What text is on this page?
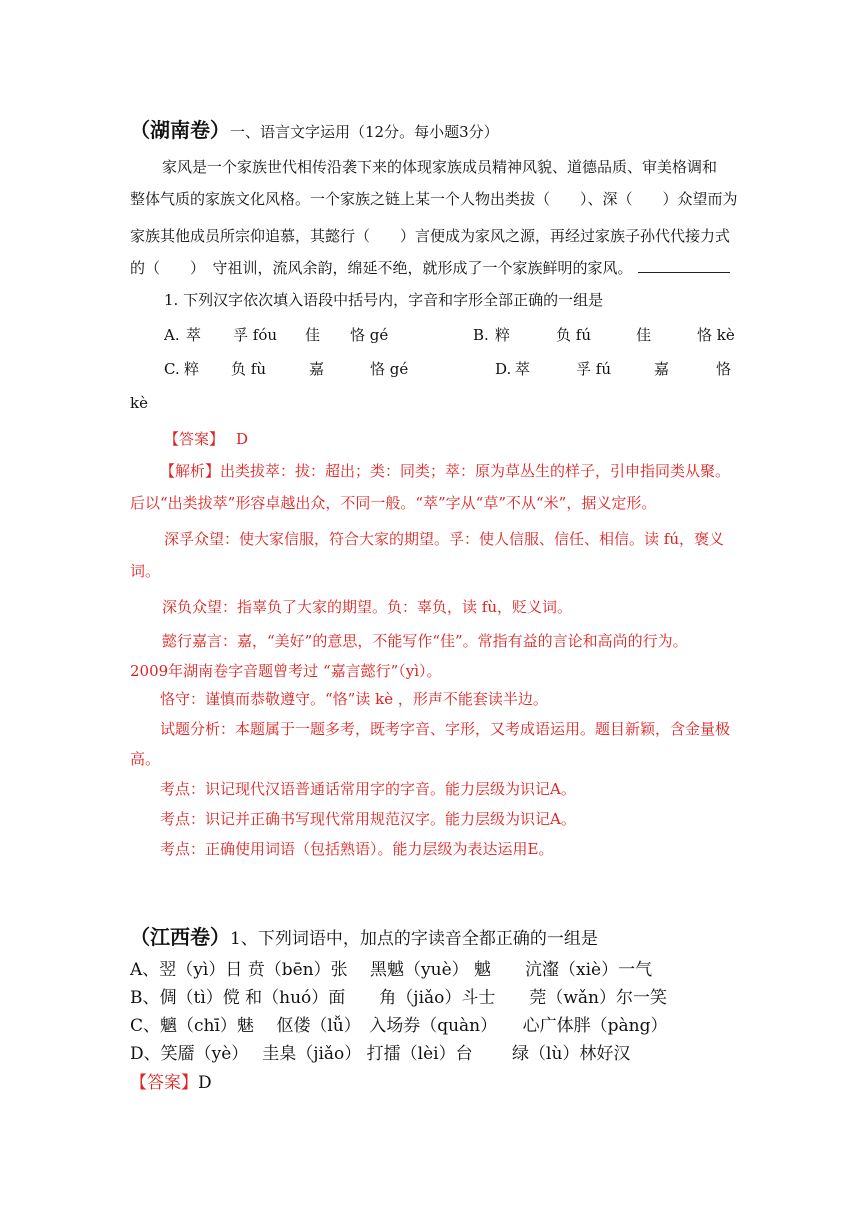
（湖南卷）一、语言文字运用（12分。每小题3分）
家风是一个家族世代相传沿袭下来的体现家族成员精神风貌、道德品质、审美格调和
整体气质的家族文化风格。一个家族之链上某一个人物出类拔（　　）、深（　　）众望而为
家族其他成员所宗仰追慕，其懿行（　　）言便成为家风之源，再经过家族子孙代代接力式
的（　　）　守祖训，流风余韵，绵延不绝，就形成了一个家族鲜明的家风。
1. 下列汉字依次填入语段中括号内，字音和字形全部正确的一组是
A. 萃 孚 fóu 佳 恪 gé	B. 粹	负 fú	佳	恪 kè
C. 粹 负 fù	嘉	恪 gé	D. 萃	孚 fú	嘉	恪
kè
【答案】 D
【解析】出类拔萃：拔：超出；类：同类；萃：原为草丛生的样子，引申指同类从聚。
后以“出类拔萃”形容卓越出众，不同一般。“萃”字从“草”不从“米”，据义定形。
深孚众望：使大家信服，符合大家的期望。孚：使人信服、信任、相信。读 fú，褒义
词。
深负众望：指辜负了大家的期望。负：辜负，读 fù，贬义词。
懿行嘉言：嘉，“美好”的意思，不能写作“佳”。常指有益的言论和高尚的行为。
2009年湖南卷字音题曾考过 “嘉言懿行”（yì）。
恪守：谨慎而恭敬遵守。“恪”读 kè ，形声不能套读半边。
试题分析：本题属于一题多考，既考字音、字形，又考成语运用。题目新颖，含金量极
高。
考点：识记现代汉语普通话常用字的字音。能力层级为识记A。
考点：识记并正确书写现代常用规范汉字。能力层级为识记A。
考点：正确使用词语（包括熟语）。能力层级为表达运用E。
（江西卷）1、下列词语中，加点的字读音全都正确的一组是
A、翌（yì）日 贲（bēn）张　 黑魆（yuè） 魆　　沆瀣（xiè）一气
B、倜（tì）傥 和（huó）面　　角（jiǎo）斗士　　莞（wǎn）尔一笑
C、魑（chī）魅　 伛偻（lǚ）　入场券（quàn）　　心广体胖（pàng）
D、笑靥（yè）　 圭臬（jiǎo） 打擂（lèi）台　　 绿（lù）林好汉
【答案】D
